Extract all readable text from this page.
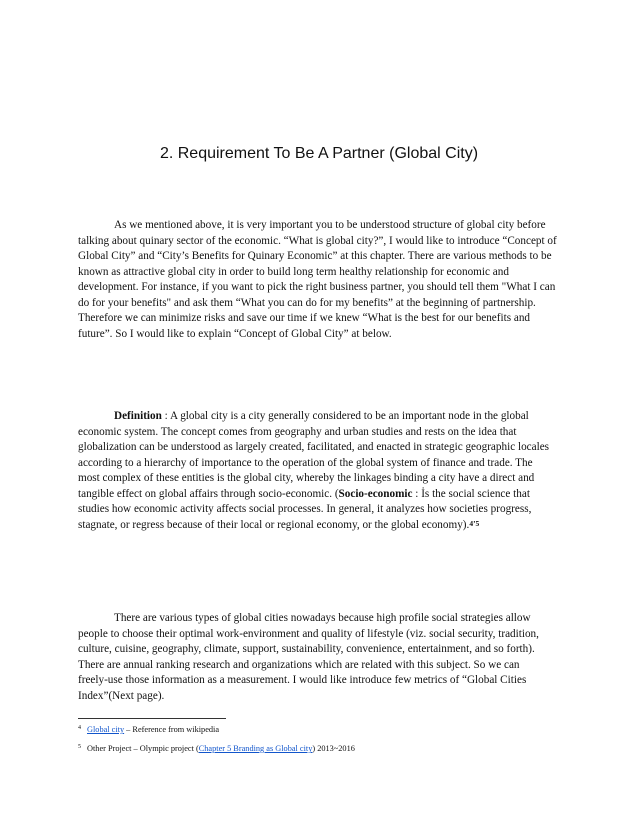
2. Requirement To Be A Partner (Global City)
As we mentioned above, it is very important you to be understood structure of global city before
talking about quinary sector of the economic. “What is global city?”, I would like to introduce “Concept of
Global City” and “City’s Benefits for Quinary Economic” at this chapter. There are various methods to be
known as attractive global city in order to build long term healthy relationship for economic and
development. For instance, if you want to pick the right business partner, you should tell them "What I can
do for your benefits" and ask them “What you can do for my benefits” at the beginning of partnership.
Therefore we can minimize risks and save our time if we knew “What is the best for our benefits and
future”. So I would like to explain “Concept of Global City” at below.
Definition : A global city is a city generally considered to be an important node in the global
economic system. The concept comes from geography and urban studies and rests on the idea that
globalization can be understood as largely created, facilitated, and enacted in strategic geographic locales
according to a hierarchy of importance to the operation of the global system of finance and trade. The
most complex of these entities is the global city, whereby the linkages binding a city have a direct and
tangible effect on global affairs through socio-economic. (Socio-economic : İs the social science that
studies how economic activity affects social processes. In general, it analyzes how societies progress,
stagnate, or regress because of their local or regional economy, or the global economy).$^{4’5}$
There are various types of global cities nowadays because high profile social strategies allow
people to choose their optimal work-environment and quality of lifestyle (viz. social security, tradition,
culture, cuisine, geography, climate, support, sustainability, convenience, entertainment, and so forth).
There are annual ranking research and organizations which are related with this subject. So we can
freely-use those information as a measurement. I would like introduce few metrics of “Global Cities
Index”(Next page).
$^4$ Global city – Reference from wikipedia
$^5$ Other Project – Olympic project (Chapter 5 Branding as Global city) 2013~2016
